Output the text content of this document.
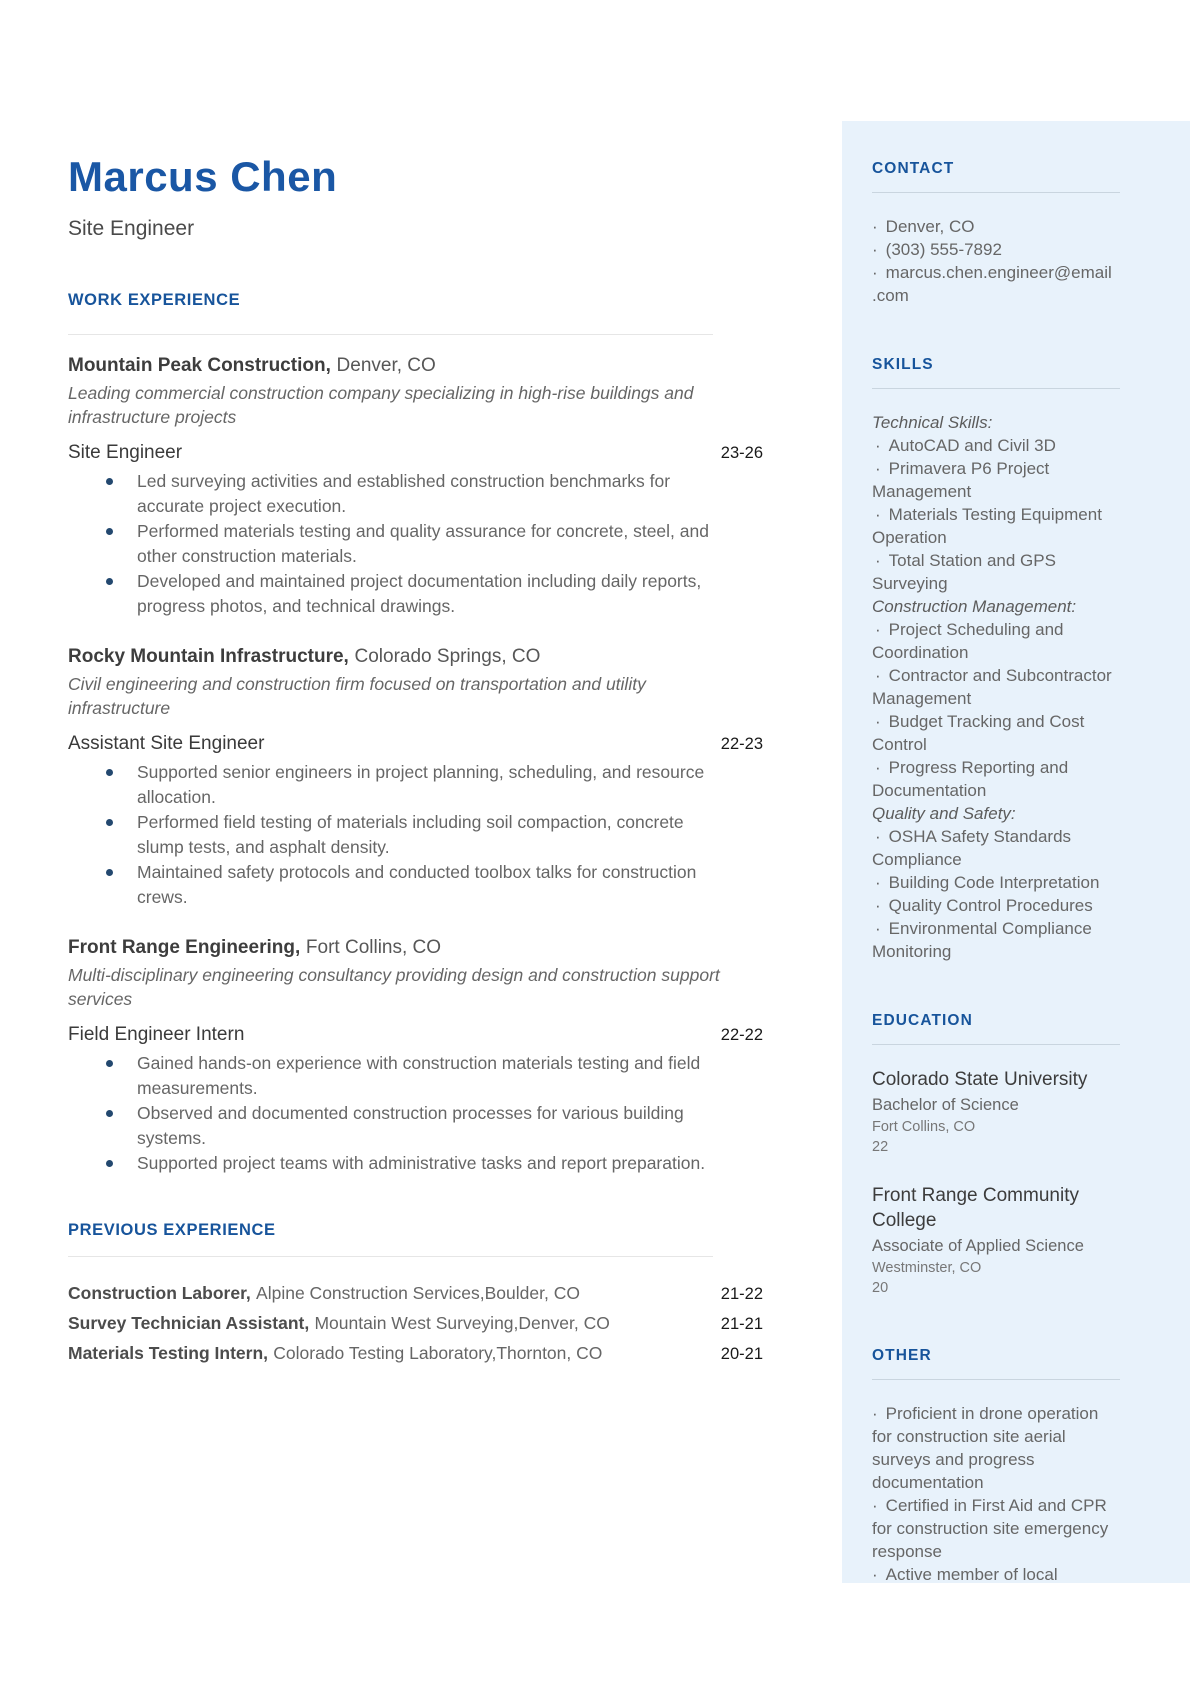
CONTACT
· Denver, CO
· (303) 555-7892
· marcus.chen.engineer@email.com
SKILLS
Technical Skills:
· AutoCAD and Civil 3D
· Primavera P6 Project Management
· Materials Testing Equipment Operation
· Total Station and GPS Surveying
Construction Management:
· Project Scheduling and Coordination
· Contractor and Subcontractor Management
· Budget Tracking and Cost Control
· Progress Reporting and Documentation
Quality and Safety:
· OSHA Safety Standards Compliance
· Building Code Interpretation
· Quality Control Procedures
· Environmental Compliance Monitoring
EDUCATION
Colorado State University
Bachelor of Science
Fort Collins, CO
22
Front Range Community College
Associate of Applied Science
Westminster, CO
20
OTHER
· Proficient in drone operation for construction site aerial surveys and progress documentation
· Certified in First Aid and CPR for construction site emergency response
· Active member of local
Marcus Chen
Site Engineer
WORK EXPERIENCE
Mountain Peak Construction, Denver, CO
Leading commercial construction company specializing in high-rise buildings and infrastructure projects
Site Engineer	23-26
Led surveying activities and established construction benchmarks for accurate project execution.
Performed materials testing and quality assurance for concrete, steel, and other construction materials.
Developed and maintained project documentation including daily reports, progress photos, and technical drawings.
Rocky Mountain Infrastructure, Colorado Springs, CO
Civil engineering and construction firm focused on transportation and utility infrastructure
Assistant Site Engineer	22-23
Supported senior engineers in project planning, scheduling, and resource allocation.
Performed field testing of materials including soil compaction, concrete slump tests, and asphalt density.
Maintained safety protocols and conducted toolbox talks for construction crews.
Front Range Engineering, Fort Collins, CO
Multi-disciplinary engineering consultancy providing design and construction support services
Field Engineer Intern	22-22
Gained hands-on experience with construction materials testing and field measurements.
Observed and documented construction processes for various building systems.
Supported project teams with administrative tasks and report preparation.
PREVIOUS EXPERIENCE
Construction Laborer, Alpine Construction Services,Boulder, CO	21-22
Survey Technician Assistant, Mountain West Surveying,Denver, CO	21-21
Materials Testing Intern, Colorado Testing Laboratory,Thornton, CO	20-21
